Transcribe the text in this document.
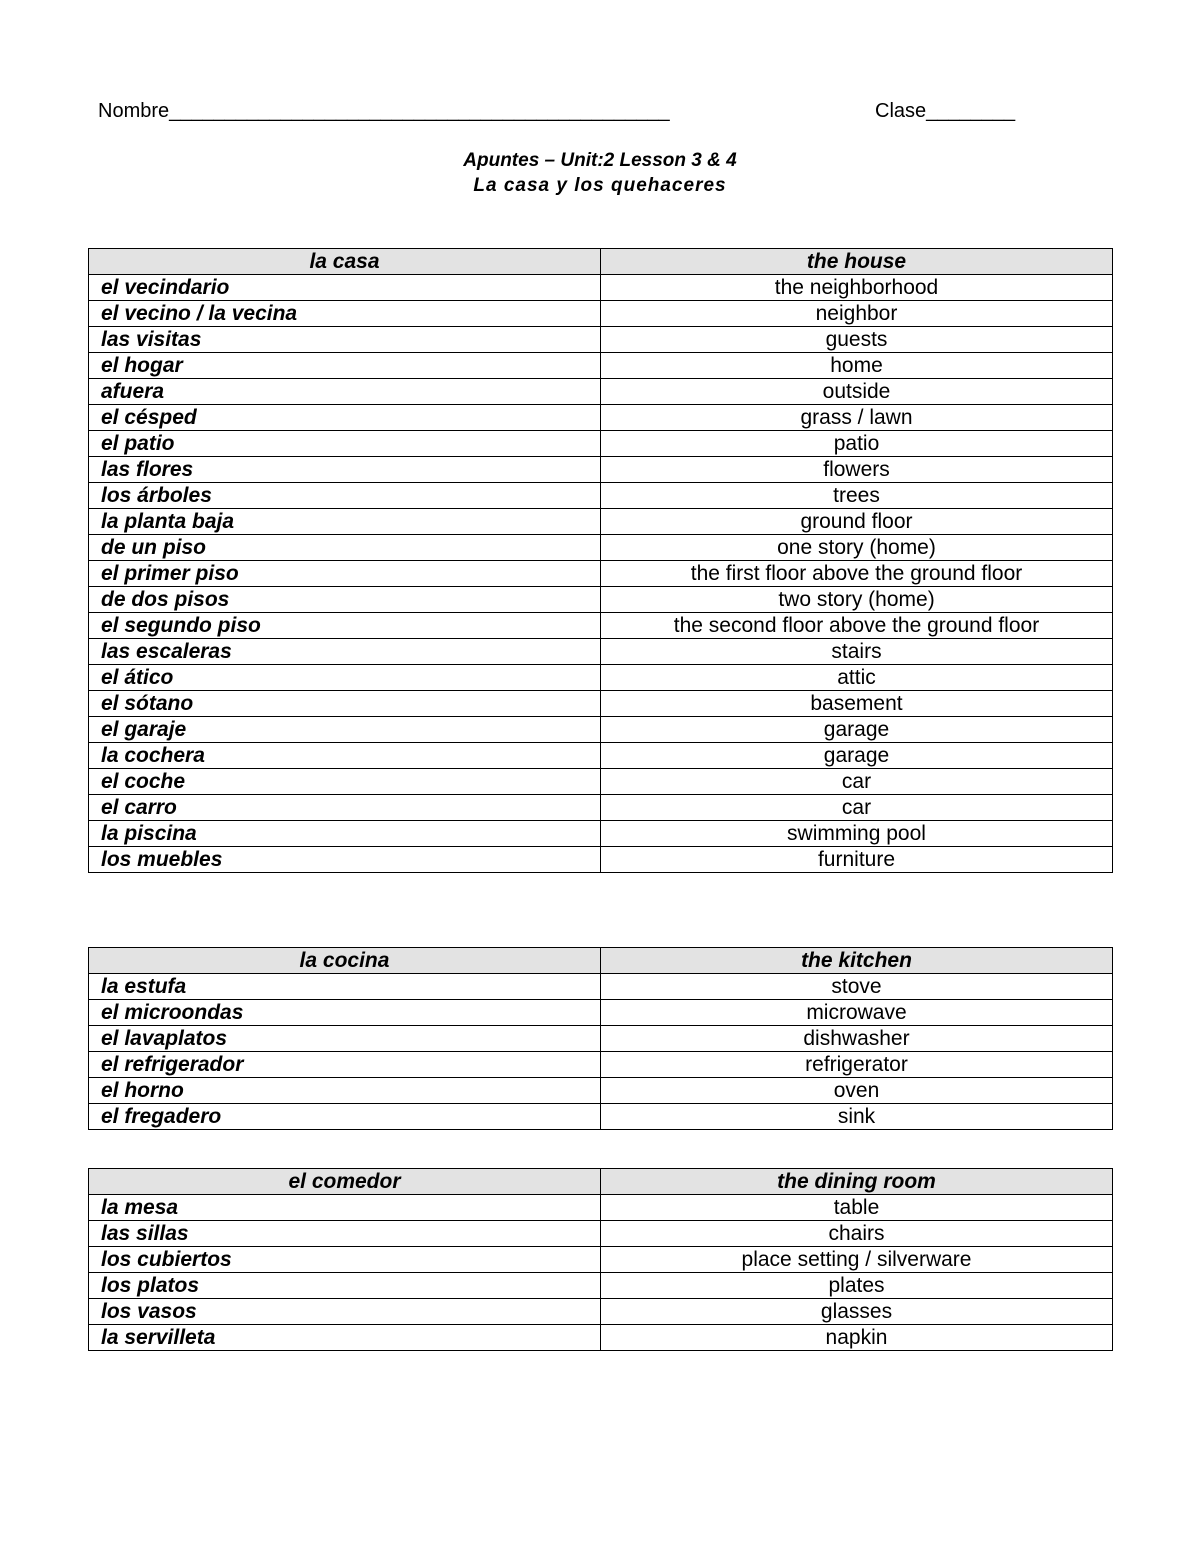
Nombre_____________________________________________	Clase________
Apuntes – Unit:2 Lesson 3 & 4
La casa y los quehaceres
la casa	the house
el vecindario	the neighborhood
el vecino / la vecina	neighbor
las visitas	guests
el hogar	home
afuera	outside
el césped	grass / lawn
el patio	patio
las flores	flowers
los árboles	trees
la planta baja	ground floor
de un piso	one story (home)
el primer piso	the first floor above the ground floor
de dos pisos	two story (home)
el segundo piso	the second floor above the ground floor
las escaleras	stairs
el ático	attic
el sótano	basement
el garaje	garage
la cochera	garage
el coche	car
el carro	car
la piscina	swimming pool
los muebles	furniture
la cocina	the kitchen
la estufa	stove
el microondas	microwave
el lavaplatos	dishwasher
el refrigerador	refrigerator
el horno	oven
el fregadero	sink
el comedor	the dining room
la mesa	table
las sillas	chairs
los cubiertos	place setting / silverware
los platos	plates
los vasos	glasses
la servilleta	napkin
